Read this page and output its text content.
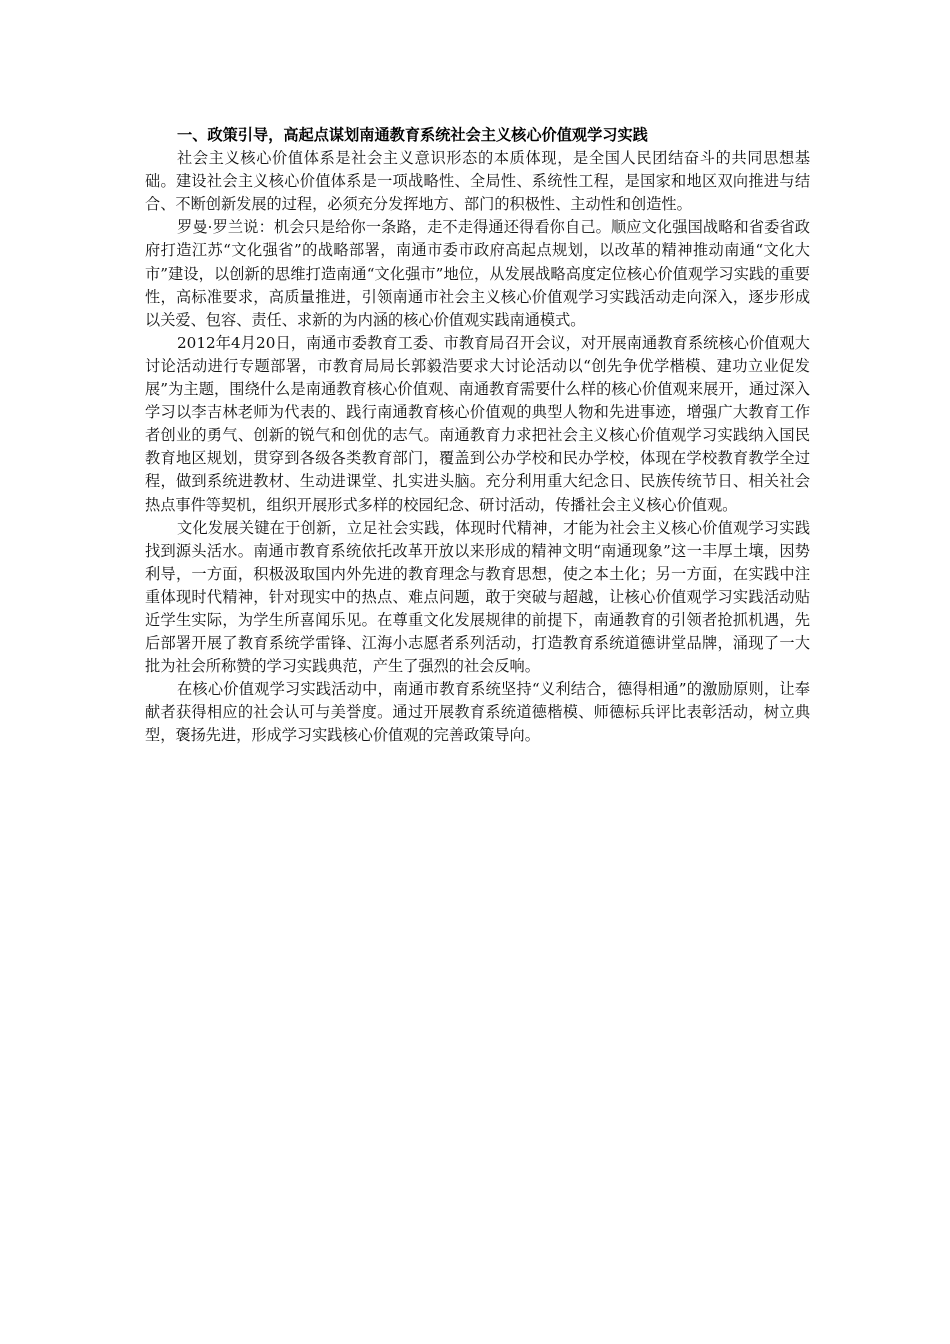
一、政策引导，高起点谋划南通教育系统社会主义核心价值观学习实践

社会主义核心价值体系是社会主义意识形态的本质体现，是全国人民团结奋斗的共同思想基础。建设社会主义核心价值体系是一项战略性、全局性、系统性工程，是国家和地区双向推进与结合、不断创新发展的过程，必须充分发挥地方、部门的积极性、主动性和创造性。

罗曼·罗兰说：机会只是给你一条路，走不走得通还得看你自己。顺应文化强国战略和省委省政府打造江苏“文化强省”的战略部署，南通市委市政府高起点规划，以改革的精神推动南通“文化大市”建设，以创新的思维打造南通“文化强市”地位，从发展战略高度定位核心价值观学习实践的重要性，高标准要求，高质量推进，引领南通市社会主义核心价值观学习实践活动走向深入，逐步形成以关爱、包容、责任、求新的为内涵的核心价值观实践南通模式。

2012年4月20日，南通市委教育工委、市教育局召开会议，对开展南通教育系统核心价值观大讨论活动进行专题部署，市教育局局长郭毅浩要求大讨论活动以“创先争优学楷模、建功立业促发展”为主题，围绕什么是南通教育核心价值观、南通教育需要什么样的核心价值观来展开，通过深入学习以李吉林老师为代表的、践行南通教育核心价值观的典型人物和先进事迹，增强广大教育工作者创业的勇气、创新的锐气和创优的志气。南通教育力求把社会主义核心价值观学习实践纳入国民教育地区规划，贯穿到各级各类教育部门，覆盖到公办学校和民办学校，体现在学校教育教学全过程，做到系统进教材、生动进课堂、扎实进头脑。充分利用重大纪念日、民族传统节日、相关社会热点事件等契机，组织开展形式多样的校园纪念、研讨活动，传播社会主义核心价值观。

文化发展关键在于创新，立足社会实践，体现时代精神，才能为社会主义核心价值观学习实践找到源头活水。南通市教育系统依托改革开放以来形成的精神文明“南通现象”这一丰厚土壤，因势利导，一方面，积极汲取国内外先进的教育理念与教育思想，使之本土化；另一方面，在实践中注重体现时代精神，针对现实中的热点、难点问题，敢于突破与超越，让核心价值观学习实践活动贴近学生实际，为学生所喜闻乐见。在尊重文化发展规律的前提下，南通教育的引领者抢抓机遇，先后部署开展了教育系统学雷锋、江海小志愿者系列活动，打造教育系统道德讲堂品牌，涌现了一大批为社会所称赞的学习实践典范，产生了强烈的社会反响。

在核心价值观学习实践活动中，南通市教育系统坚持“义利结合，德得相通”的激励原则，让奉献者获得相应的社会认可与美誉度。通过开展教育系统道德楷模、师德标兵评比表彰活动，树立典型，褒扬先进，形成学习实践核心价值观的完善政策导向。
